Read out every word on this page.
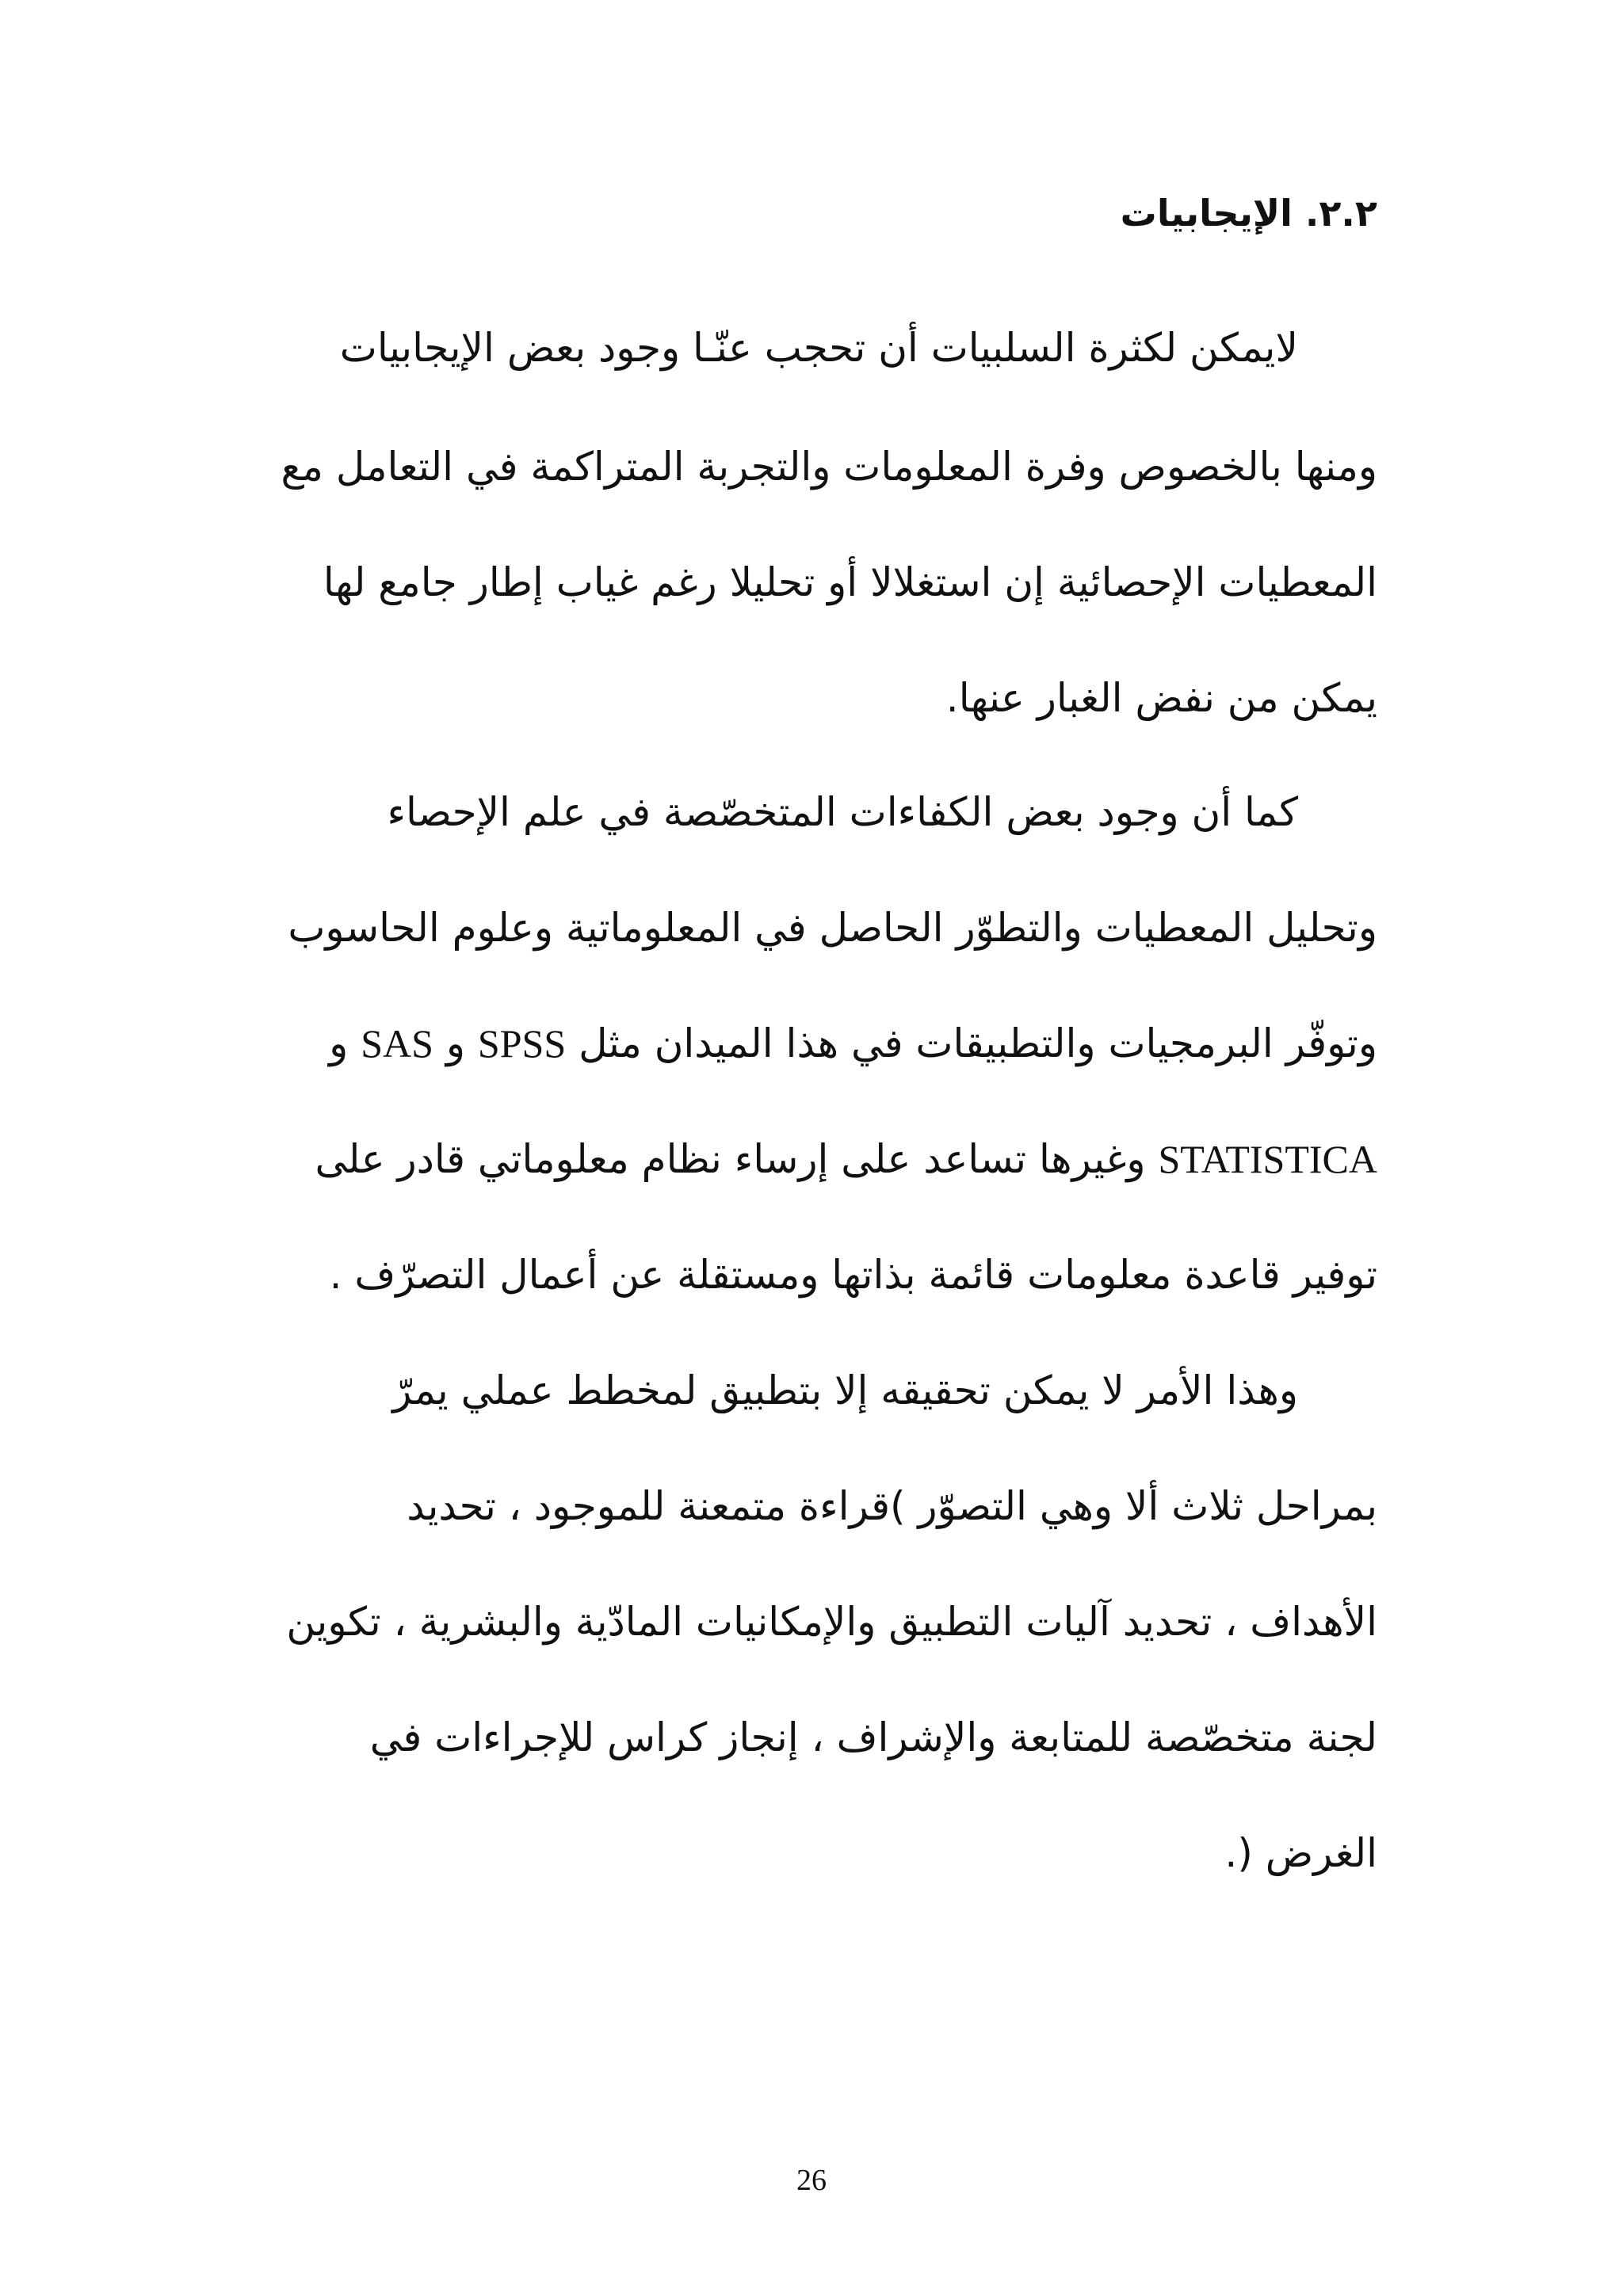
٢.٢. الإيجابيات
لايمكن لكثرة السلبيات أن تحجب عنّـا وجود بعض الإيجابيات
ومنها بالخصوص وفرة المعلومات والتجربة المتراكمة في التعامل مع
المعطيات الإحصائية إن استغلالا أو تحليلا رغم غياب إطار جامع لها
يمكن من نفض الغبار عنها.
كما أن وجود بعض الكفاءات المتخصّصة في علم الإحصاء
وتحليل المعطيات والتطوّر الحاصل في المعلوماتية وعلوم الحاسوب
وتوفّر البرمجيات والتطبيقات في هذا الميدان مثل SPSS و SAS و
STATISTICA وغيرها تساعد على إرساء نظام معلوماتي قادر على
توفير قاعدة معلومات قائمة بذاتها ومستقلة عن أعمال التصرّف .
وهذا الأمر لا يمكن تحقيقه إلا بتطبيق لمخطط عملي يمرّ
بمراحل ثلاث ألا وهي التصوّر )قراءة متمعنة للموجود ، تحديد
الأهداف ، تحديد آليات التطبيق والإمكانيات المادّية والبشرية ، تكوين
لجنة متخصّصة للمتابعة والإشراف ، إنجاز كراس للإجراءات في
الغرض (.
26
